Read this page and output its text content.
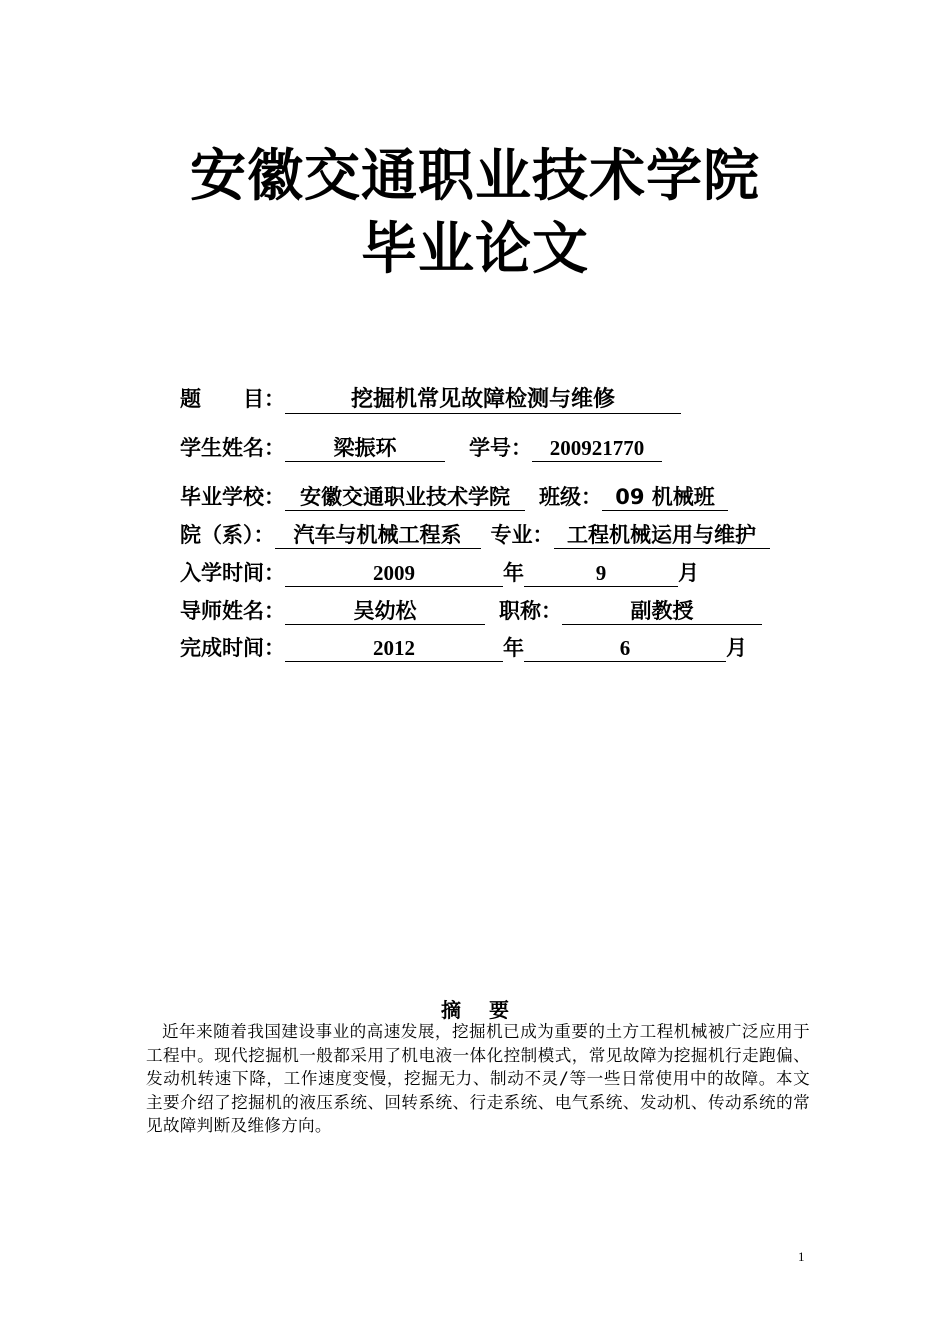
安徽交通职业技术学院
毕业论文
题　　目：	挖掘机常见故障检测与维修
学生姓名： 梁振环	学号： 200921770
毕业学校： 安徽交通职业技术学院 班级： 09 机械班
院（系）： 汽车与机械工程系 专业： 工程机械运用与维护
入学时间：	2009	年	9	月
导师姓名：	吴幼松	职称：	副教授
完成时间：	2012	年	6	月
摘要
近年来随着我国建设事业的高速发展，挖掘机已成为重要的土方工程机械被广泛应用于工程中。现代挖掘机一般都采用了机电液一体化控制模式，常见故障为挖掘机行走跑偏、发动机转速下降，工作速度变慢，挖掘无力、制动不灵/等一些日常使用中的故障。本文主要介绍了挖掘机的液压系统、回转系统、行走系统、电气系统、发动机、传动系统的常见故障判断及维修方向。
1
